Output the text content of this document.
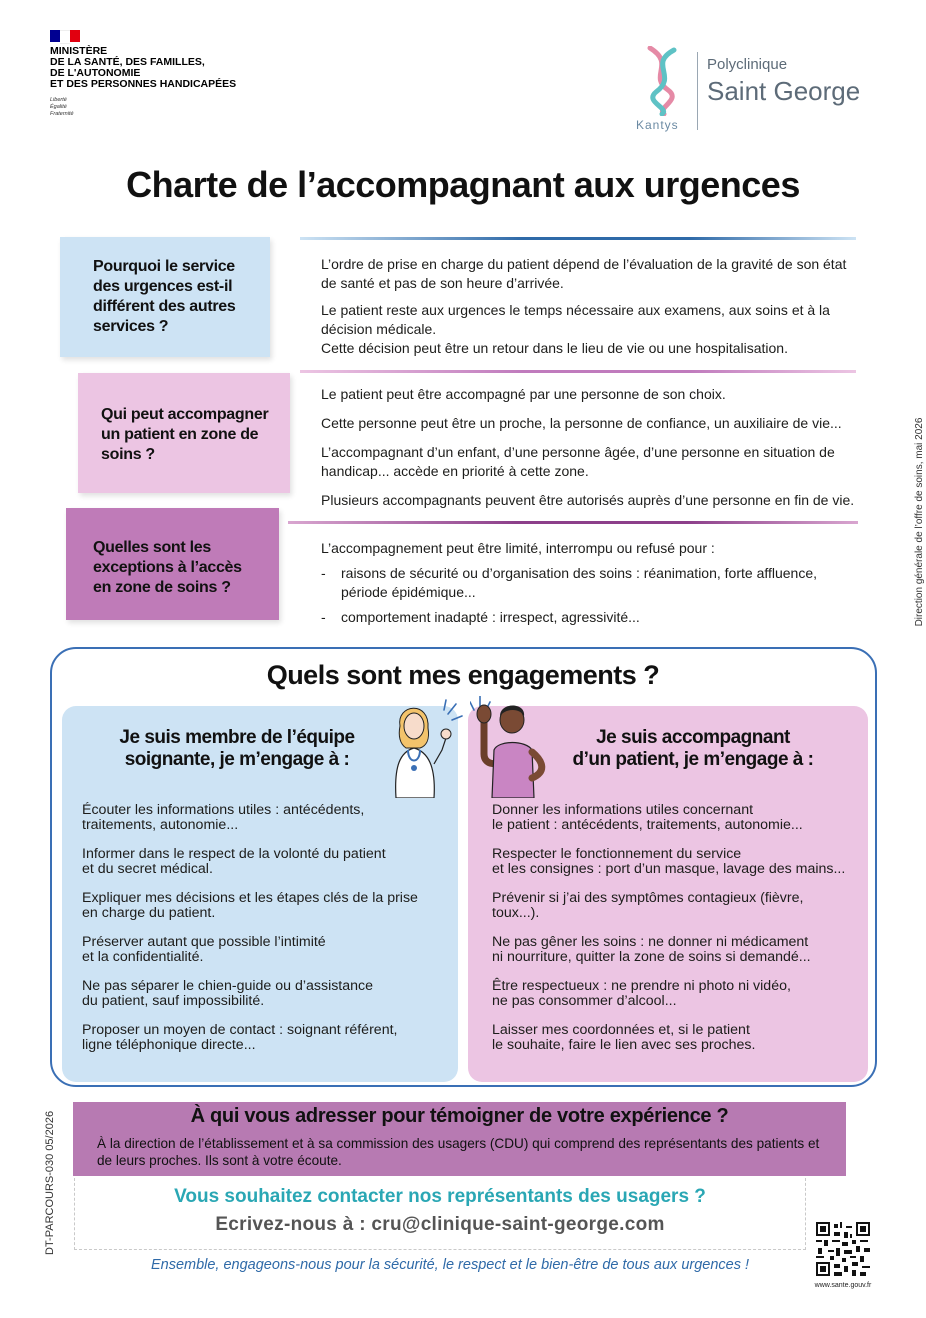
MINISTÈRE
DE LA SANTÉ, DES FAMILLES,
DE L'AUTONOMIE
ET DES PERSONNES HANDICAPÉES
Liberté
Égalité
Fraternité
Kantys
Polyclinique
Saint George
Charte de l’accompagnant aux urgences
Pourquoi le service des urgences est-il différent des autres services ?

L’ordre de prise en charge du patient dépend de l’évaluation de la gravité de son état de santé et pas de son heure d’arrivée.

Le patient reste aux urgences le temps nécessaire aux examens, aux soins et à la décision médicale.

Cette décision peut être un retour dans le lieu de vie ou une hospitalisation.

Qui peut accompagner un patient en zone de soins ?

Le patient peut être accompagné par une personne de son choix.

Cette personne peut être un proche, la personne de confiance, un auxiliaire de vie...

L’accompagnant d’un enfant, d’une personne âgée, d’une personne en situation de handicap... accède en priorité à cette zone.

Plusieurs accompagnants peuvent être autorisés auprès d’une personne en fin de vie.

Quelles sont les exceptions à l’accès en zone de soins ?

L’accompagnement peut être limité, interrompu ou refusé pour :

- raisons de sécurité ou d’organisation des soins : réanimation, forte affluence, période épidémique...

- comportement inadapté : irrespect, agressivité...

Quels sont mes engagements ?
Je suis membre de l’équipe
soignante, je m’engage à :
Je suis accompagnant
d’un patient, je m’engage à :
Écouter les informations utiles : antécédents,
traitements, autonomie...
Informer dans le respect de la volonté du patient
et du secret médical.
Expliquer mes décisions et les étapes clés de la prise
en charge du patient.
Préserver autant que possible l’intimité
et la confidentialité.
Ne pas séparer le chien-guide ou d’assistance
du patient, sauf impossibilité.
Proposer un moyen de contact : soignant référent,
ligne téléphonique directe...
Donner les informations utiles concernant
le patient : antécédents, traitements, autonomie...
Respecter le fonctionnement du service
et les consignes : port d’un masque, lavage des mains...
Prévenir si j’ai des symptômes contagieux (fièvre,
toux...).
Ne pas gêner les soins : ne donner ni médicament
ni nourriture, quitter la zone de soins si demandé...
Être respectueux : ne prendre ni photo ni vidéo,
ne pas consommer d’alcool...
Laisser mes coordonnées et, si le patient
le souhaite, faire le lien avec ses proches.
À qui vous adresser pour témoigner de votre expérience ?
À la direction de l’établissement et à sa commission des usagers (CDU) qui comprend des représentants des patients et de leurs proches. Ils sont à votre écoute.
Vous souhaitez contacter nos représentants des usagers ?
Ecrivez-nous à : cru@clinique-saint-george.com
Ensemble, engageons-nous pour la sécurité, le respect et le bien-être de tous aux urgences !
Direction générale de l’offre de soins, mai 2026
DT-PARCOURS-030 05/2026
www.sante.gouv.fr
